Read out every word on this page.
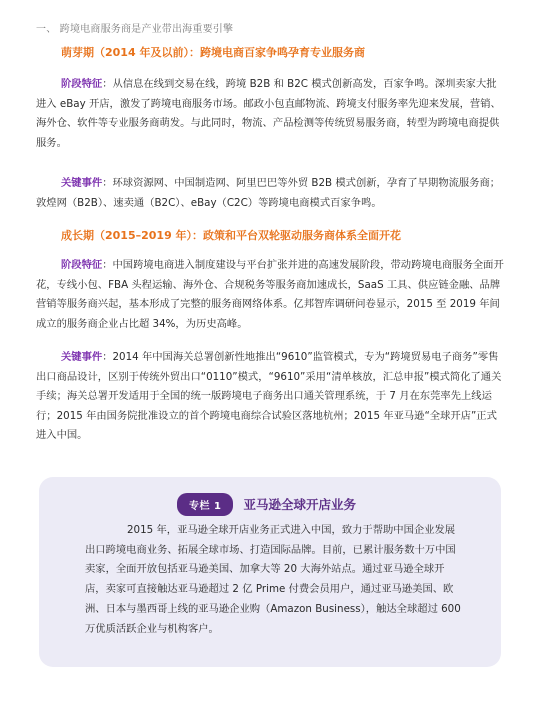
一、 跨境电商服务商是产业带出海重要引擎
萌芽期（2014 年及以前）：跨境电商百家争鸣孕育专业服务商

阶段特征：从信息在线到交易在线，跨境 B2B 和 B2C 模式创新高发，百家争鸣。深圳卖家大批进入 eBay 开店，激发了跨境电商服务市场。邮政小包直邮物流、跨境支付服务率先迎来发展，营销、海外仓、软件等专业服务商萌发。与此同时，物流、产品检测等传统贸易服务商，转型为跨境电商提供服务。

关键事件：环球资源网、中国制造网、阿里巴巴等外贸 B2B 模式创新，孕育了早期物流服务商；敦煌网（B2B）、速卖通（B2C）、eBay（C2C）等跨境电商模式百家争鸣。

成长期（2015–2019 年）：政策和平台双轮驱动服务商体系全面开花

阶段特征：中国跨境电商进入制度建设与平台扩张并进的高速发展阶段，带动跨境电商服务全面开花，专线小包、FBA 头程运输、海外仓、合规税务等服务商加速成长，SaaS 工具、供应链金融、品牌营销等服务商兴起，基本形成了完整的服务商网络体系。亿邦智库调研问卷显示，2015 至 2019 年间成立的服务商企业占比超 34%，为历史高峰。

关键事件：2014 年中国海关总署创新性地推出“9610”监管模式，专为“跨境贸易电子商务”零售出口商品设计，区别于传统外贸出口“0110”模式，“9610”采用“清单核放，汇总申报”模式简化了通关手续；海关总署开发适用于全国的统一版跨境电子商务出口通关管理系统，于 7 月在东莞率先上线运行；2015 年由国务院批准设立的首个跨境电商综合试验区落地杭州；2015 年亚马逊“全球开店”正式进入中国。

专栏 1	亚马逊全球开店业务

2015 年，亚马逊全球开店业务正式进入中国，致力于帮助中国企业发展出口跨境电商业务、拓展全球市场、打造国际品牌。目前，已累计服务数十万中国卖家，全面开放包括亚马逊美国、加拿大等 20 大海外站点。通过亚马逊全球开店，卖家可直接触达亚马逊超过 2 亿 Prime 付费会员用户，通过亚马逊美国、欧洲、日本与墨西哥上线的亚马逊企业购（Amazon Business），触达全球超过 600 万优质活跃企业与机构客户。
